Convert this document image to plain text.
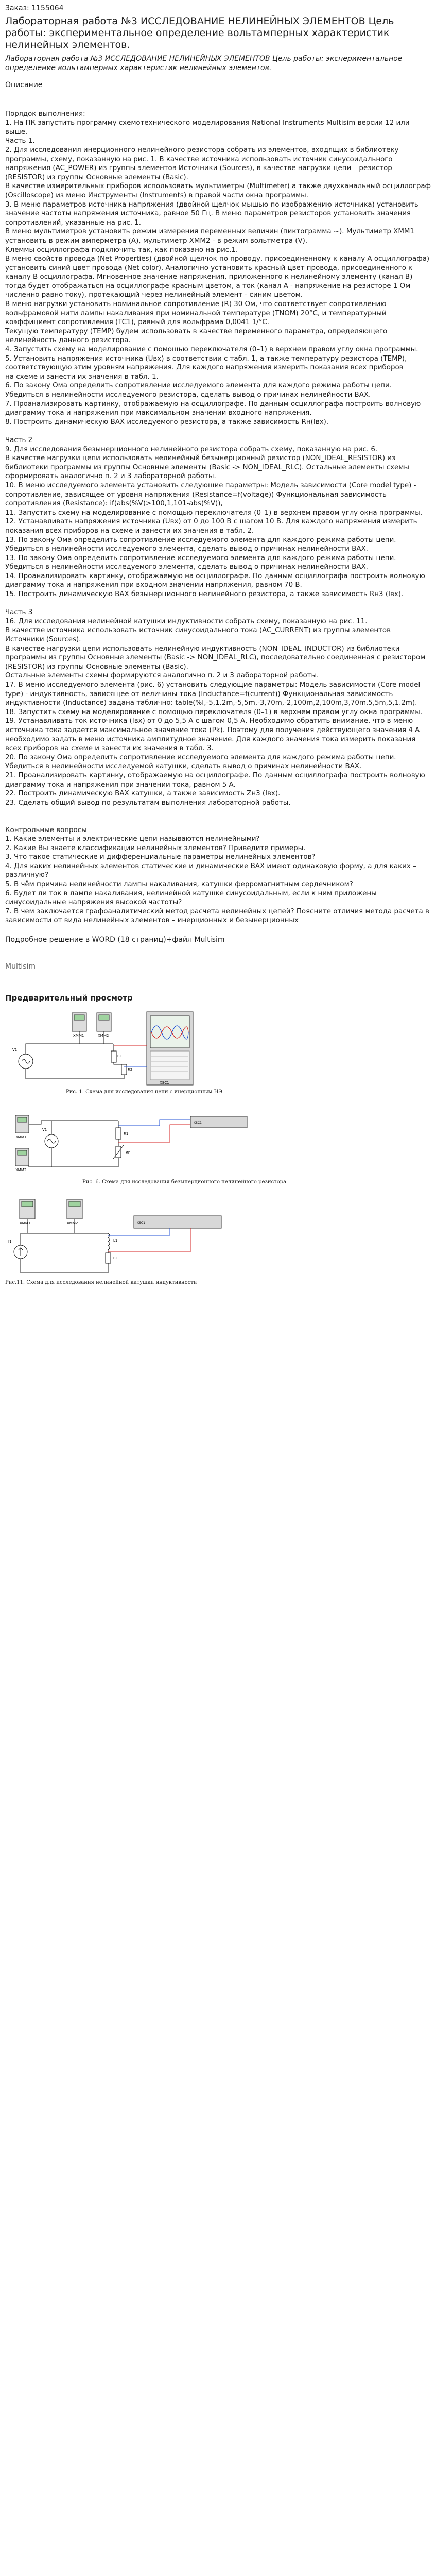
Заказ: 1155064

Лабораторная работа №3 ИССЛЕДОВАНИЕ НЕЛИНЕЙНЫХ ЭЛЕМЕНТОВ Цель работы: экспериментальное определение вольтамперных характеристик нелинейных элементов.

Лабораторная работа №3 ИССЛЕДОВАНИЕ НЕЛИНЕЙНЫХ ЭЛЕМЕНТОВ Цель работы: экспериментальное определение вольтамперных характеристик нелинейных элементов.

Описание

Порядок выполнения:

1. На ПК запустить программу схемотехнического моделирования National Instruments Multisim версии 12 или выше.

Часть 1.

2. Для исследования инерционного нелинейного резистора собрать из элементов, входящих в библиотеку программы, схему, показанную на рис. 1. В качестве источника использовать источник синусоидального напряжения (AC_POWER) из группы элементов Источники (Sources), в качестве нагрузки цепи – резистор (RESISTOR) из группы Основные элементы (Basic).

В качестве измерительных приборов использовать мультиметры (Multimeter) а также двухканальный осциллограф (Oscilloscope) из меню Инструменты (Instruments) в правой части окна программы.

3. В меню параметров источника напряжения (двойной щелчок мышью по изображению источника) установить значение частоты напряжения источника, равное 50 Гц. В меню параметров резисторов установить значения сопротивлений, указанные на рис. 1.

В меню мультиметров установить режим измерения переменных величин (пиктограмма ~). Мультиметр XMM1 установить в режим амперметра (A), мультиметр XMM2 - в режим вольтметра (V).

Клеммы осциллографа подключить так, как показано на рис.1.

В меню свойств провода (Net Properties) (двойной щелчок по проводу, присоединенному к каналу А осциллографа) установить синий цвет провода (Net color). Аналогично установить красный цвет провода, присоединенного к каналу В осциллографа. Мгновенное значение напряжения, приложенного к нелинейному элементу (канал В) тогда будет отображаться на осциллографе красным цветом, а ток (канал А - напряжение на резисторе 1 Ом численно равно току), протекающий через нелинейный элемент - синим цветом.

В меню нагрузки установить номинальное сопротивление (R) 30 Ом, что соответствует сопротивлению вольфрамовой нити лампы накаливания при номинальной температуре (TNOM) 20°C, и температурный коэффициент сопротивления (TC1), равный для вольфрама 0,0041 1/°C.

Текущую температуру (TEMP) будем использовать в качестве переменного параметра, определяющего нелинейность данного резистора.

4. Запустить схему на моделирование с помощью переключателя (0–1) в верхнем правом углу окна программы.

5. Установить напряжения источника (Uвх) в соответствии с табл. 1, а также температуру резистора (TEMP), соответствующую этим уровням напряжения. Для каждого напряжения измерить показания всех приборов

на схеме и занести их значения в табл. 1.

6. По закону Ома определить сопротивление исследуемого элемента для каждого режима работы цепи. Убедиться в нелинейности исследуемого резистора, сделать вывод о причинах нелинейности ВАХ.

7. Проанализировать картинку, отображаемую на осциллографе. По данным осциллографа построить волновую диаграмму тока и напряжения при максимальном значении входного напряжения.

8. Построить динамическую ВАХ исследуемого резистора, а также зависимость Rн(Iвх).

Часть 2

9. Для исследования безынерционного нелинейного резистора собрать схему, показанную на рис. 6.

В качестве нагрузки цепи использовать нелинейный безынерционный резистор (NON_IDEAL_RESISTOR) из библиотеки программы из группы Основные элементы (Basic -> NON_IDEAL_RLC). Остальные элементы схемы сформировать аналогично п. 2 и 3 лабораторной работы.

10. В меню исследуемого элемента установить следующие параметры: Модель зависимости (Core model type) - сопротивление, зависящее от уровня напряжения (Resistance=f(voltage)) Функциональная зависимость сопротивления (Resistance): if(abs(%V)>100,1,101-abs(%V)),

11. Запустить схему на моделирование с помощью переключателя (0–1) в верхнем правом углу окна программы.

12. Устанавливать напряжения источника (Uвх) от 0 до 100 В с шагом 10 В. Для каждого напряжения измерить показания всех приборов на схеме и занести их значения в табл. 2.

13. По закону Ома определить сопротивление исследуемого элемента для каждого режима работы цепи. Убедиться в нелинейности исследуемого элемента, сделать вывод о причинах нелинейности ВАХ.

13. По закону Ома определить сопротивление исследуемого элемента для каждого режима работы цепи. Убедиться в нелинейности исследуемого элемента, сделать вывод о причинах нелинейности ВАХ.

14. Проанализировать картинку, отображаемую на осциллографе. По данным осциллографа построить волновую диаграмму тока и напряжения при входном значении напряжения, равном 70 В.

15. Построить динамическую ВАХ безынерционного нелинейного резистора, а также зависимость Rн3 (Iвх).

Часть 3

16. Для исследования нелинейной катушки индуктивности собрать схему, показанную на рис. 11.

В качестве источника использовать источник синусоидального тока (AC_CURRENT) из группы элементов Источники (Sources).

В качестве нагрузки цепи использовать нелинейную индуктивность (NON_IDEAL_INDUCTOR) из библиотеки программы из группы Основные элементы (Basic -> NON_IDEAL_RLC), последовательно соединенная с резистором (RESISTOR) из группы Основные элементы (Basic).

Остальные элементы схемы формируются аналогично п. 2 и 3 лабораторной работы.

17. В меню исследуемого элемента (рис. 6) установить следующие параметры: Модель зависимости (Core model type) - индуктивность, зависящее от величины тока (Inductance=f(current)) Функциональная зависимость индуктивности (Inductance) задана таблично: table(%I,-5,1.2m,-5,5m,-3,70m,-2,100m,2,100m,3,70m,5,5m,5,1.2m).

18. Запустить схему на моделирование с помощью переключателя (0–1) в верхнем правом углу окна программы.

19. Устанавливать ток источника (Iвх) от 0 до 5,5 А с шагом 0,5 А. Необходимо обратить внимание, что в меню источника тока задается максимальное значение тока (Pk). Поэтому для получения действующего значения 4 А необходимо задать в меню источника амплитудное значение. Для каждого значения тока измерить показания всех приборов на схеме и занести их значения в табл. 3.

20. По закону Ома определить сопротивление исследуемого элемента для каждого режима работы цепи. Убедиться в нелинейности исследуемой катушки, сделать вывод о причинах нелинейности ВАХ.

21. Проанализировать картинку, отображаемую на осциллографе. По данным осциллографа построить волновую диаграмму тока и напряжения при значении тока, равном 5 А.

22. Построить динамическую ВАХ катушки, а также зависимость Zн3 (Iвх).

23. Сделать общий вывод по результатам выполнения лабораторной работы.

Контрольные вопросы

1. Какие элементы и электрические цепи называются нелинейными?

2. Какие Вы знаете классификации нелинейных элементов? Приведите примеры.

3. Что такое статические и дифференциальные параметры нелинейных элементов?

4. Для каких нелинейных элементов статические и динамические ВАХ имеют одинаковую форму, а для каких – различную?

5. В чём причина нелинейности лампы накаливания, катушки ферромагнитным сердечником?

6. Будет ли ток в лампе накаливания, нелинейной катушке синусоидальным, если к ним приложены синусоидальные напряжения высокой частоты?

7. В чем заключается графоаналитический метод расчета нелинейных цепей? Поясните отличия метода расчета в зависимости от вида нелинейных элементов – инерционных и безынерционных

Подробное решение в WORD (18 страниц)+файл Multisim

Multisim

Предварительный просмотр
XMM1	XMM2
XSC1
V1
R1
R2

Рис. 1. Схема для исследования цепи с инерционным НЭ

XMM1
XMM2
V1
R1
Rn
XSC1

Рис. 6. Схема для исследования безынерционного нелинейного резистора

XMM1	XMM2	XSC1
I1	L1
R1

Рис.11. Схема для исследования нелинейной катушки индуктивности
